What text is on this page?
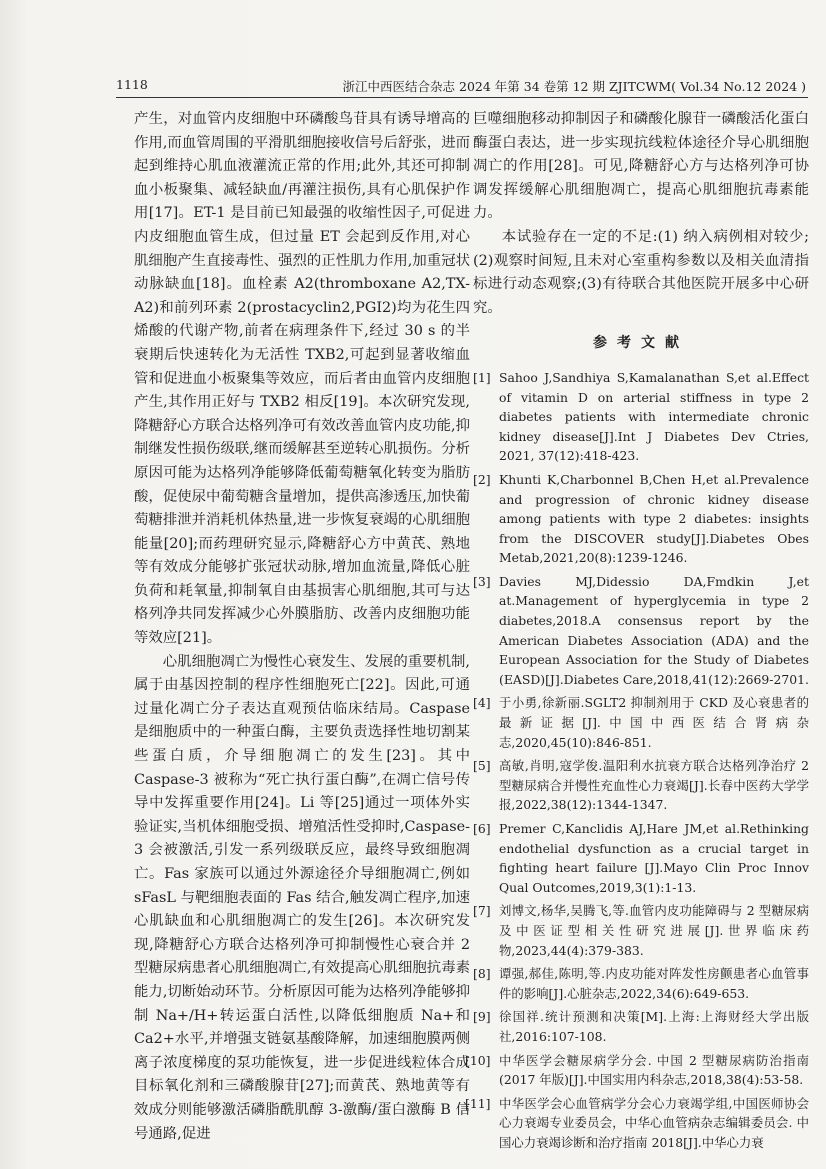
1118	浙江中西医结合杂志 2024 年第 34 卷第 12 期 ZJITCWM( Vol.34 No.12 2024 )

产生，对血管内皮细胞中环磷酸鸟苷具有诱导增高的作用,而血管周围的平滑肌细胞接收信号后舒张，进而起到维持心肌血液灌流正常的作用;此外,其还可抑制血小板聚集、减轻缺血/再灌注损伤,具有心肌保护作用[17]。ET-1 是目前已知最强的收缩性因子,可促进内皮细胞血管生成，但过量 ET 会起到反作用,对心肌细胞产生直接毒性、强烈的正性肌力作用,加重冠状动脉缺血[18]。血栓素 A2(thromboxane A2,TX-A2)和前列环素 2(prostacyclin2,PGI2)均为花生四烯酸的代谢产物,前者在病理条件下,经过 30 s 的半衰期后快速转化为无活性 TXB2,可起到显著收缩血管和促进血小板聚集等效应，而后者由血管内皮细胞产生,其作用正好与 TXB2 相反[19]。本次研究发现,降糖舒心方联合达格列净可有效改善血管内皮功能,抑制继发性损伤级联,继而缓解甚至逆转心肌损伤。分析原因可能为达格列净能够降低葡萄糖氧化转变为脂肪酸，促使尿中葡萄糖含量增加，提供高渗透压,加快葡萄糖排泄并消耗机体热量,进一步恢复衰竭的心肌细胞能量[20];而药理研究显示,降糖舒心方中黄芪、熟地等有效成分能够扩张冠状动脉,增加血流量,降低心脏负荷和耗氧量,抑制氧自由基损害心肌细胞,其可与达格列净共同发挥减少心外膜脂肪、改善内皮细胞功能等效应[21]。

心肌细胞凋亡为慢性心衰发生、发展的重要机制,属于由基因控制的程序性细胞死亡[22]。因此,可通过量化凋亡分子表达直观预估临床结局。Caspase 是细胞质中的一种蛋白酶，主要负责选择性地切割某些蛋白质，介导细胞凋亡的发生[23]。其中 Caspase-3 被称为“死亡执行蛋白酶”,在凋亡信号传导中发挥重要作用[24]。Li 等[25]通过一项体外实验证实,当机体细胞受损、增殖活性受抑时,Caspase-3 会被激活,引发一系列级联反应，最终导致细胞凋亡。Fas 家族可以通过外源途径介导细胞凋亡,例如 sFasL 与靶细胞表面的 Fas 结合,触发凋亡程序,加速心肌缺血和心肌细胞凋亡的发生[26]。本次研究发现,降糖舒心方联合达格列净可抑制慢性心衰合并 2 型糖尿病患者心肌细胞凋亡,有效提高心肌细胞抗毒素能力,切断始动环节。分析原因可能为达格列净能够抑制 Na+/H+转运蛋白活性,以降低细胞质 Na+和 Ca2+水平,并增强支链氨基酸降解，加速细胞膜两侧离子浓度梯度的泵功能恢复，进一步促进线粒体合成目标氧化剂和三磷酸腺苷[27];而黄芪、熟地黄等有效成分则能够激活磷脂酰肌醇 3-激酶/蛋白激酶 B 信号通路,促进

巨噬细胞移动抑制因子和磷酸化腺苷一磷酸活化蛋白酶蛋白表达，进一步实现抗线粒体途径介导心肌细胞凋亡的作用[28]。可见,降糖舒心方与达格列净可协调发挥缓解心肌细胞凋亡，提高心肌细胞抗毒素能力。

本试验存在一定的不足:(1) 纳入病例相对较少;(2)观察时间短,且未对心室重构参数以及相关血清指标进行动态观察;(3)有待联合其他医院开展多中心研究。

参考文献
[1] Sahoo J,Sandhiya S,Kamalanathan S,et al.Effect of vitamin D on arterial stiffness in type 2 diabetes patients with intermediate chronic kidney disease[J].Int J Diabetes Dev Ctries, 2021, 37(12):418-423.
[2] Khunti K,Charbonnel B,Chen H,et al.Prevalence and progression of chronic kidney disease among patients with type 2 diabetes: insights from the DISCOVER study[J].Diabetes Obes Metab,2021,20(8):1239-1246.
[3] Davies MJ,Didessio DA,Fmdkin J,et at.Management of hyperglycemia in type 2 diabetes,2018.A consensus report by the American Diabetes Association (ADA) and the European Association for the Study of Diabetes (EASD)[J].Diabetes Care,2018,41(12):2669-2701.
[4] 于小勇,徐新丽.SGLT2 抑制剂用于 CKD 及心衰患者的最新证据[J].中国中西医结合肾病杂志,2020,45(10):846-851.
[5] 高敏,肖明,寇学俊.温阳利水抗衰方联合达格列净治疗 2 型糖尿病合并慢性充血性心力衰竭[J].长春中医药大学学报,2022,38(12):1344-1347.
[6] Premer C,Kanclidis AJ,Hare JM,et al.Rethinking endothelial dysfunction as a crucial target in fighting heart failure [J].Mayo Clin Proc Innov Qual Outcomes,2019,3(1):1-13.
[7] 刘博文,杨华,吴腾飞,等.血管内皮功能障碍与 2 型糖尿病及中医证型相关性研究进展[J].世界临床药物,2023,44(4):379-383.
[8] 谭强,郝佳,陈明,等.内皮功能对阵发性房颤患者心血管事件的影响[J].心脏杂志,2022,34(6):649-653.
[9] 徐国祥.统计预测和决策[M].上海:上海财经大学出版社,2016:107-108.
[10] 中华医学会糖尿病学分会. 中国 2 型糖尿病防治指南(2017 年版)[J].中国实用内科杂志,2018,38(4):53-58.
[11] 中华医学会心血管病学分会心力衰竭学组,中国医师协会心力衰竭专业委员会，中华心血管病杂志编辑委员会. 中国心力衰竭诊断和治疗指南 2018[J].中华心力衰
